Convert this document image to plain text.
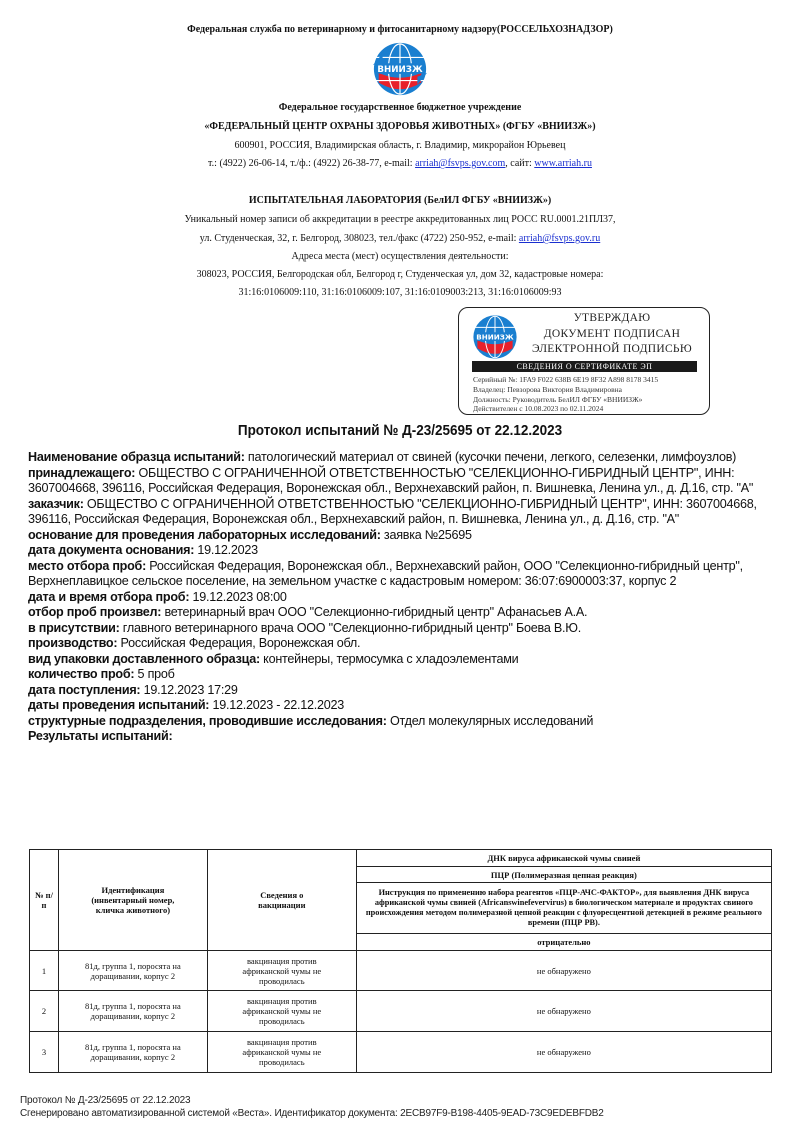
Федеральная служба по ветеринарному и фитосанитарному надзору(РОССЕЛЬХОЗНАДЗОР)
ВНИИЗЖ
Федеральное государственное бюджетное учреждение
«ФЕДЕРАЛЬНЫЙ ЦЕНТР ОХРАНЫ ЗДОРОВЬЯ ЖИВОТНЫХ» (ФГБУ «ВНИИЗЖ»)
600901, РОССИЯ, Владимирская область, г. Владимир, микрорайон Юрьевец
т.: (4922) 26-06-14, т./ф.: (4922) 26-38-77, e-mail: arriah@fsvps.gov.com, сайт: www.arriah.ru
ИСПЫТАТЕЛЬНАЯ ЛАБОРАТОРИЯ (БелИЛ ФГБУ «ВНИИЗЖ»)
Уникальный номер записи об аккредитации в реестре аккредитованных лиц РОСС RU.0001.21ПЛ37,
ул. Студенческая, 32, г. Белгород, 308023, тел./факс (4722) 250-952, e-mail: arriah@fsvps.gov.ru
Адреса места (мест) осуществления деятельности:
308023, РОССИЯ, Белгородская обл, Белгород г, Студенческая ул, дом 32, кадастровые номера:
31:16:0106009:110, 31:16:0106009:107, 31:16:0109003:213, 31:16:0106009:93
ВНИИЗЖ
УТВЕРЖДАЮ
ДОКУМЕНТ ПОДПИСАН
ЭЛЕКТРОННОЙ ПОДПИСЬЮ
СВЕДЕНИЯ О СЕРТИФИКАТЕ ЭП
Серийный №: 1FA9 F022 638B 6E19 8F32 A898 8178 3415
Владелец: Певзорова Виктория Владимировна
Должность: Руководитель БелИЛ ФГБУ «ВНИИЗЖ»
Действителен с 10.08.2023 по 02.11.2024
Протокол испытаний № Д-23/25695 от 22.12.2023

Наименование образца испытаний: патологический материал от свиней (кусочки печени, легкого, селезенки, лимфоузлов)

принадлежащего: ОБЩЕСТВО С ОГРАНИЧЕННОЙ ОТВЕТСТВЕННОСТЬЮ "СЕЛЕКЦИОННО-ГИБРИДНЫЙ ЦЕНТР", ИНН: 3607004668, 396116, Российская Федерация, Воронежская обл., Верхнехавский район, п. Вишневка, Ленина ул., д. Д.16, стр. "А"

заказчик: ОБЩЕСТВО С ОГРАНИЧЕННОЙ ОТВЕТСТВЕННОСТЬЮ "СЕЛЕКЦИОННО-ГИБРИДНЫЙ ЦЕНТР", ИНН: 3607004668, 396116, Российская Федерация, Воронежская обл., Верхнехавский район, п. Вишневка, Ленина ул., д. Д.16, стр. "А"

основание для проведения лабораторных исследований: заявка №25695

дата документа основания: 19.12.2023

место отбора проб: Российская Федерация, Воронежская обл., Верхнехавский район, ООО "Селекционно-гибридный центр", Верхнеплавицкое сельское поселение, на земельном участке с кадастровым номером: 36:07:6900003:37, корпус 2

дата и время отбора проб: 19.12.2023 08:00

отбор проб произвел: ветеринарный врач ООО "Селекционно-гибридный центр" Афанасьев А.А.

в присутствии: главного ветеринарного врача ООО "Селекционно-гибридный центр" Боева В.Ю.

производство: Российская Федерация, Воронежская обл.

вид упаковки доставленного образца: контейнеры, термосумка с хладоэлементами

количество проб: 5 проб

дата поступления: 19.12.2023 17:29

даты проведения испытаний: 19.12.2023 - 22.12.2023

структурные подразделения, проводившие исследования: Отдел молекулярных исследований

Результаты испытаний:

№ п/п	Идентификация (инвентарный номер, кличка животного)	Сведения о вакцинации	ДНК вируса африканской чумы свиней
			ПЦР (Полимеразная цепная реакция)
			Инструкция по применению набора реагентов «ПЦР-АЧС-ФАКТОР», для выявления ДНК вируса африканской чумы свиней (Africanswinefevervirus) в биологическом материале и продуктах свиного происхождения методом полимеразной цепной реакции с флуоресцентной детекцией в режиме реального времени (ПЦР РВ).
			отрицательно

1	81д, группа 1, поросята на доращивании, корпус 2	вакцинация против африканской чумы не проводилась	не обнаружено
2	81д, группа 1, поросята на доращивании, корпус 2	вакцинация против африканской чумы не проводилась	не обнаружено
3	81д, группа 1, поросята на доращивании, корпус 2	вакцинация против африканской чумы не проводилась	не обнаружено
Протокол № Д-23/25695 от 22.12.2023
Сгенерировано автоматизированной системой «Веста». Идентификатор документа: 2ECB97F9-B198-4405-9EAD-73C9EDEBFDB2
